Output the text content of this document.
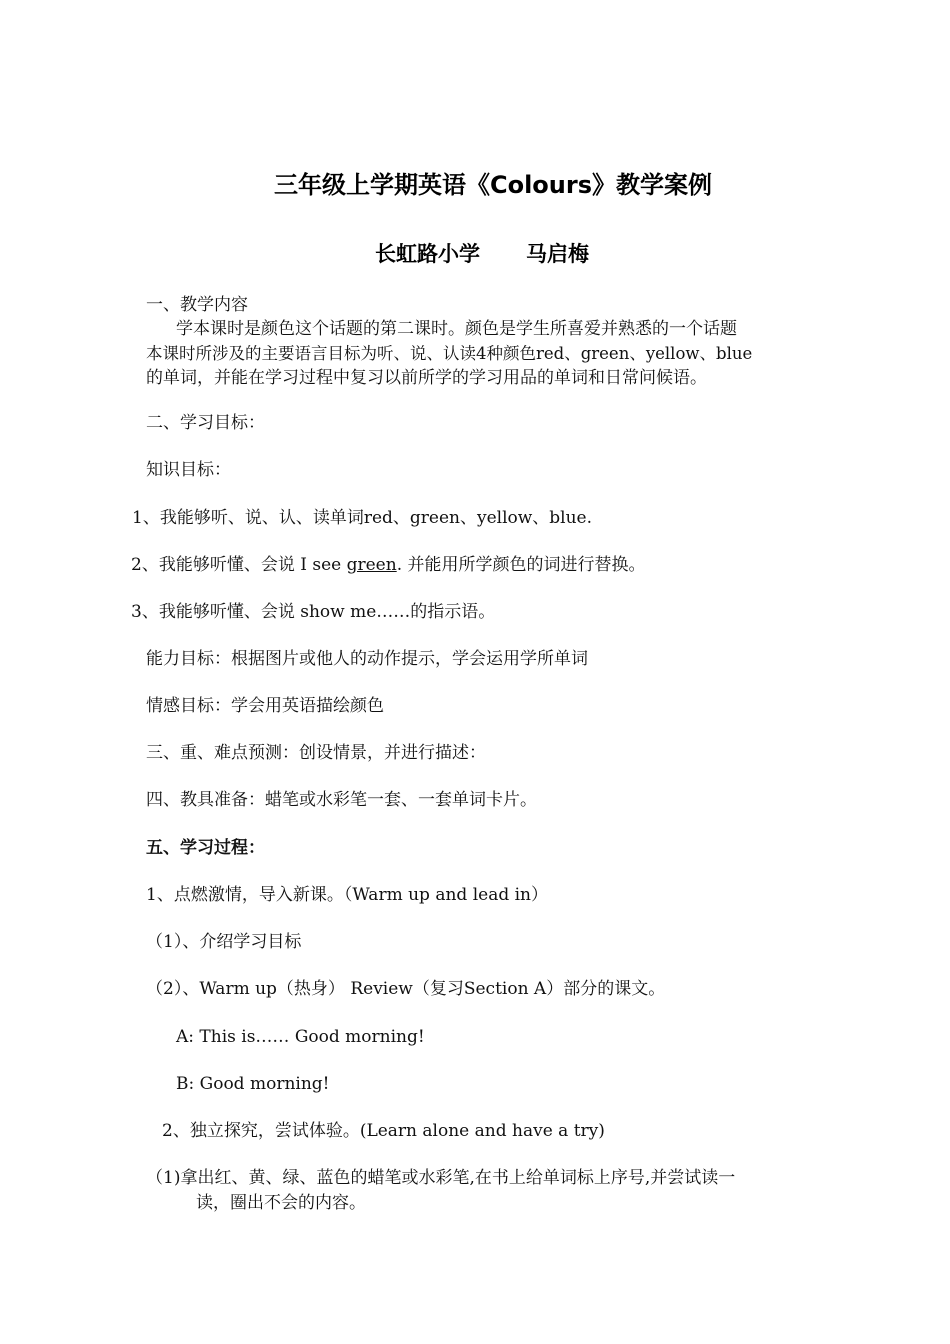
三年级上学期英语《Colours》教学案例
长虹路小学 马启梅
一、教学内容
学本课时是颜色这个话题的第二课时。颜色是学生所喜爱并熟悉的一个话题
本课时所涉及的主要语言目标为听、说、认读4种颜色red、green、yellow、blue
的单词，并能在学习过程中复习以前所学的学习用品的单词和日常问候语。
二、学习目标：
知识目标：
1、我能够听、说、认、读单词red、green、yellow、blue.
2、我能够听懂、会说 I see green. 并能用所学颜色的词进行替换。
3、我能够听懂、会说 show me……的指示语。
能力目标：根据图片或他人的动作提示，学会运用学所单词
情感目标：学会用英语描绘颜色
三、重、难点预测：创设情景，并进行描述：
四、教具准备：蜡笔或水彩笔一套、一套单词卡片。
五、学习过程：
1、点燃激情，导入新课。（Warm up and lead in）
（1）、介绍学习目标
（2）、Warm up（热身） Review（复习Section A）部分的课文。
A: This is…… Good morning!
B: Good morning!
2、独立探究，尝试体验。(Learn alone and have a try)
（1)拿出红、黄、绿、蓝色的蜡笔或水彩笔,在书上给单词标上序号,并尝试读一
读，圈出不会的内容。
